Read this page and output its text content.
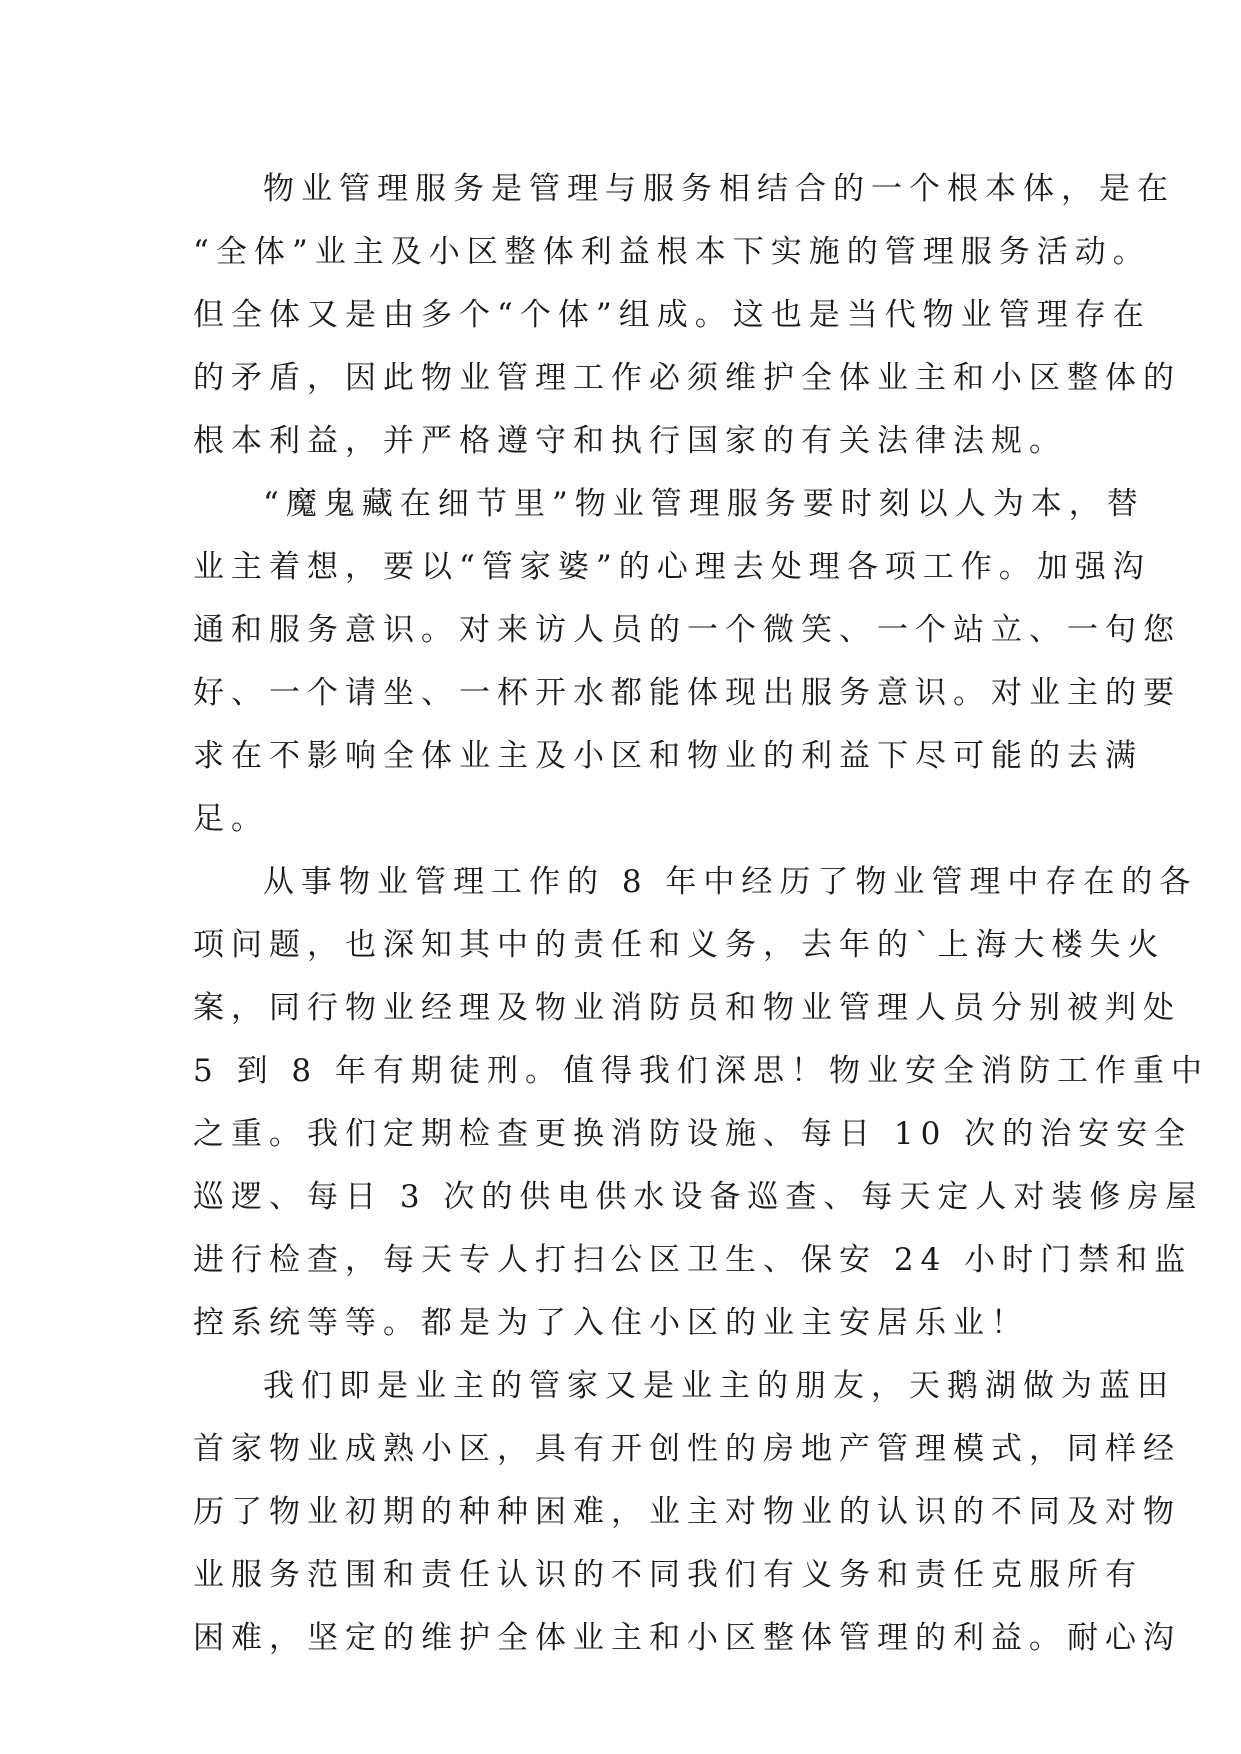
物业管理服务是管理与服务相结合的一个根本体，是在
“全体”业主及小区整体利益根本下实施的管理服务活动。
但全体又是由多个“个体”组成。这也是当代物业管理存在
的矛盾，因此物业管理工作必须维护全体业主和小区整体的
根本利益，并严格遵守和执行国家的有关法律法规。
“魔鬼藏在细节里”物业管理服务要时刻以人为本，替
业主着想，要以“管家婆”的心理去处理各项工作。加强沟
通和服务意识。对来访人员的一个微笑、一个站立、一句您
好、一个请坐、一杯开水都能体现出服务意识。对业主的要
求在不影响全体业主及小区和物业的利益下尽可能的去满
足。
从事物业管理工作的 8 年中经历了物业管理中存在的各
项问题，也深知其中的责任和义务，去年的`上海大楼失火
案，同行物业经理及物业消防员和物业管理人员分别被判处
5 到 8 年有期徒刑。值得我们深思！物业安全消防工作重中
之重。我们定期检查更换消防设施、每日 10 次的治安安全
巡逻、每日 3 次的供电供水设备巡查、每天定人对装修房屋
进行检查，每天专人打扫公区卫生、保安 24 小时门禁和监
控系统等等。都是为了入住小区的业主安居乐业！
我们即是业主的管家又是业主的朋友，天鹅湖做为蓝田
首家物业成熟小区，具有开创性的房地产管理模式，同样经
历了物业初期的种种困难，业主对物业的认识的不同及对物
业服务范围和责任认识的不同我们有义务和责任克服所有
困难，坚定的维护全体业主和小区整体管理的利益。耐心沟
